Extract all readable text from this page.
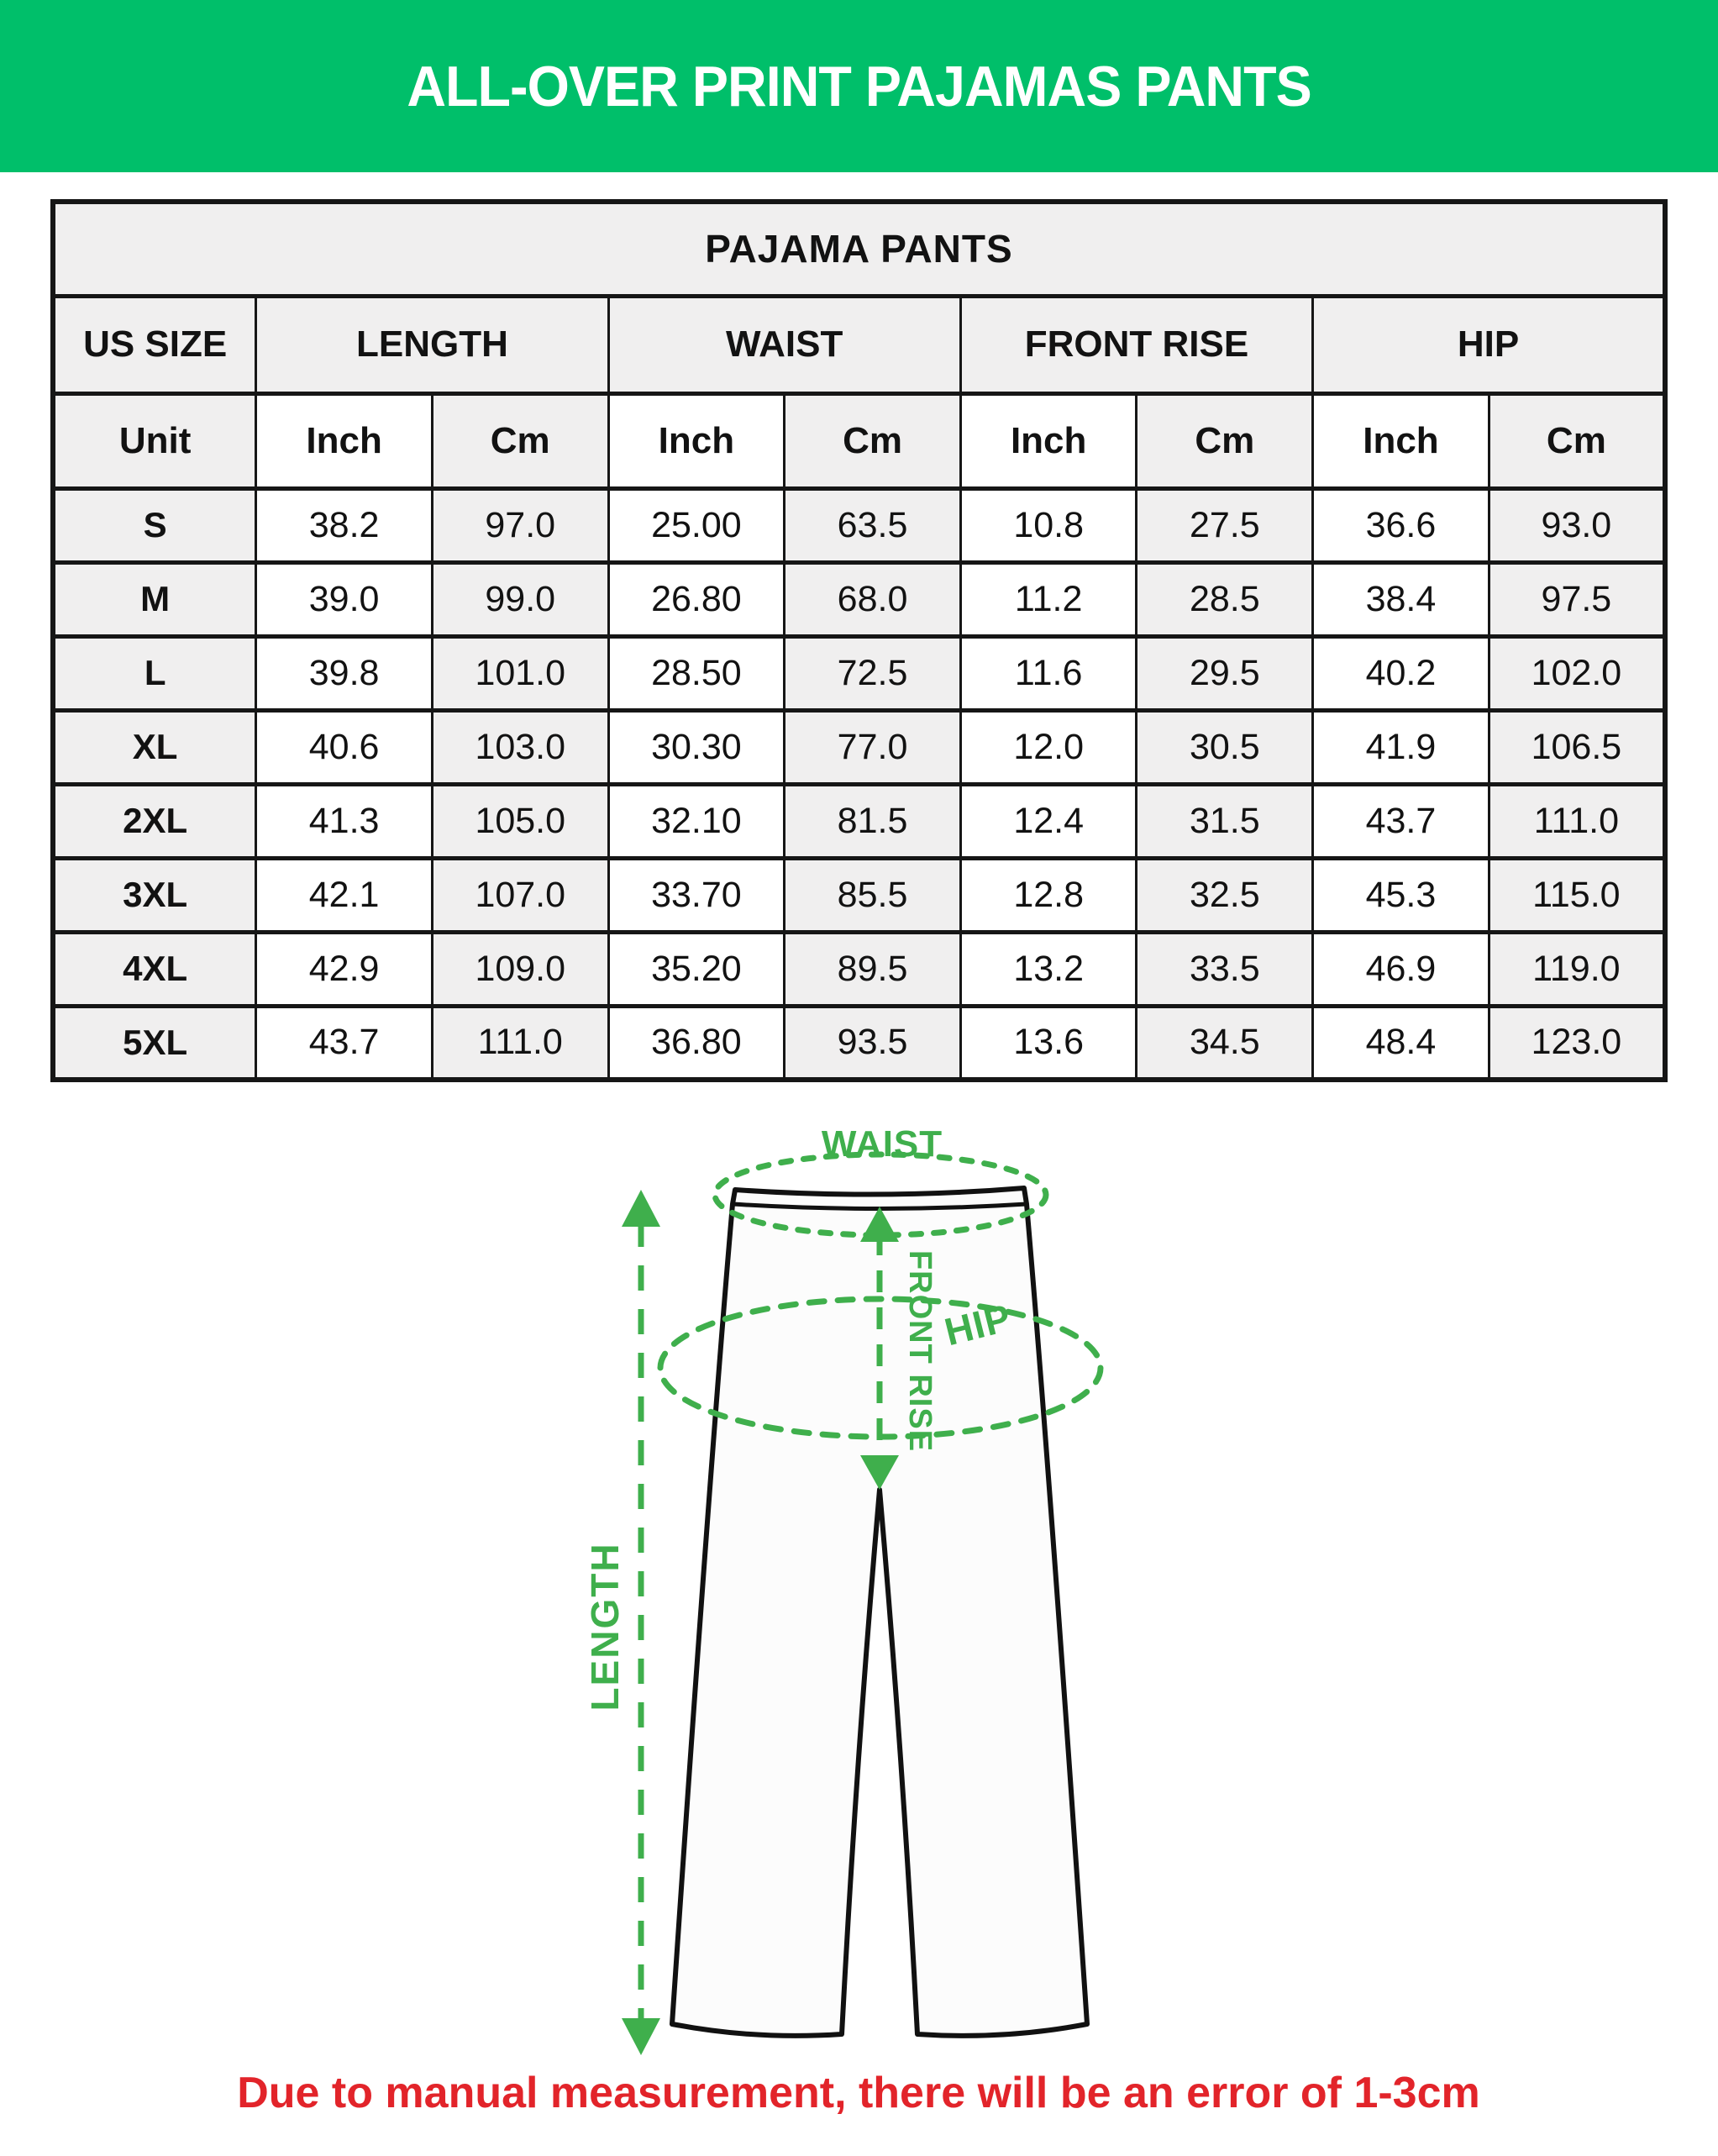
ALL-OVER PRINT PAJAMAS PANTS
PAJAMA PANTS								
US SIZE	LENGTH		WAIST		FRONT RISE		HIP	
Unit	Inch	Cm	Inch	Cm	Inch	Cm	Inch	Cm
S	38.2	97.0	25.00	63.5	10.8	27.5	36.6	93.0
M	39.0	99.0	26.80	68.0	11.2	28.5	38.4	97.5
L	39.8	101.0	28.50	72.5	11.6	29.5	40.2	102.0
XL	40.6	103.0	30.30	77.0	12.0	30.5	41.9	106.5
2XL	41.3	105.0	32.10	81.5	12.4	31.5	43.7	111.0
3XL	42.1	107.0	33.70	85.5	12.8	32.5	45.3	115.0
4XL	42.9	109.0	35.20	89.5	13.2	33.5	46.9	119.0
5XL	43.7	111.0	36.80	93.5	13.6	34.5	48.4	123.0
WAIST
FRONT RISE HIP
LENGTH
Due to manual measurement, there will be an error of 1-3cm
